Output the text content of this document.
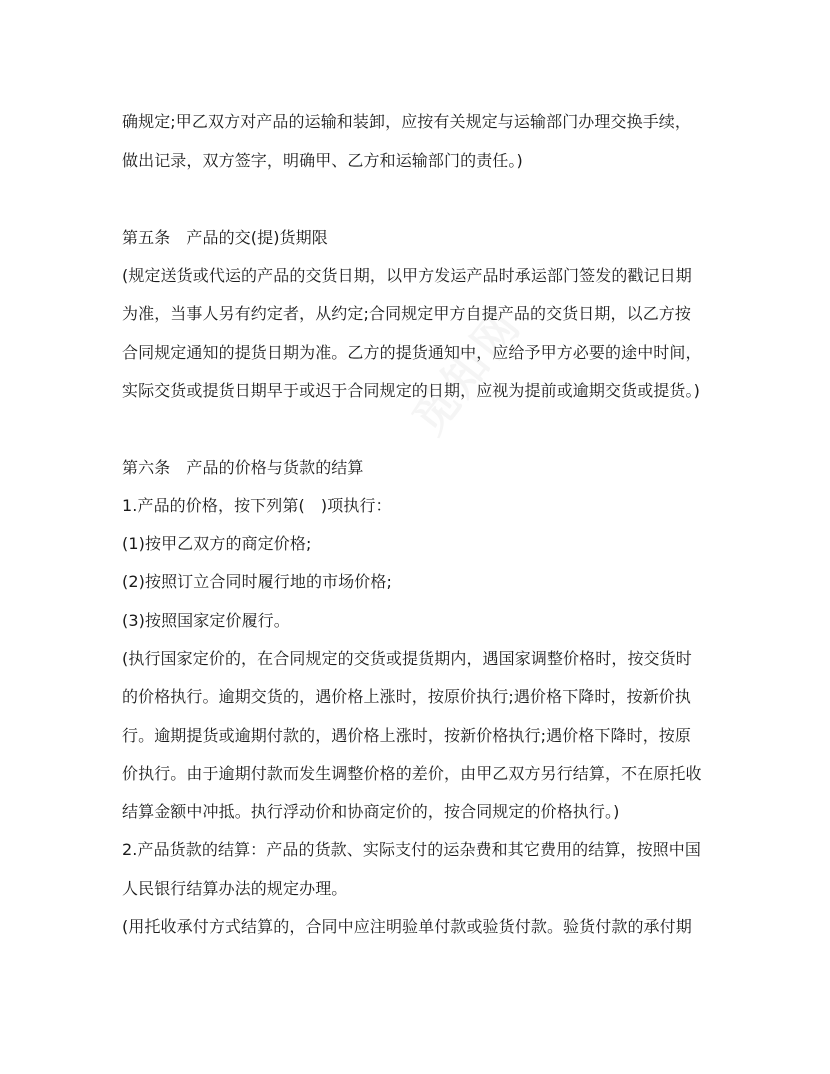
觅知网
确规定;甲乙双方对产品的运输和装卸，应按有关规定与运输部门办理交换手续，
做出记录，双方签字，明确甲、乙方和运输部门的责任。)
第五条　产品的交(提)货期限
(规定送货或代运的产品的交货日期，以甲方发运产品时承运部门签发的戳记日期
为准，当事人另有约定者，从约定;合同规定甲方自提产品的交货日期，以乙方按
合同规定通知的提货日期为准。乙方的提货通知中，应给予甲方必要的途中时间，
实际交货或提货日期早于或迟于合同规定的日期，应视为提前或逾期交货或提货。)
第六条　产品的价格与货款的结算
1.产品的价格，按下列第(　)项执行：
(1)按甲乙双方的商定价格;
(2)按照订立合同时履行地的市场价格;
(3)按照国家定价履行。
(执行国家定价的，在合同规定的交货或提货期内，遇国家调整价格时，按交货时
的价格执行。逾期交货的，遇价格上涨时，按原价执行;遇价格下降时，按新价执
行。逾期提货或逾期付款的，遇价格上涨时，按新价格执行;遇价格下降时，按原
价执行。由于逾期付款而发生调整价格的差价，由甲乙双方另行结算，不在原托收
结算金额中冲抵。执行浮动价和协商定价的，按合同规定的价格执行。)
2.产品货款的结算：产品的货款、实际支付的运杂费和其它费用的结算，按照中国
人民银行结算办法的规定办理。
(用托收承付方式结算的，合同中应注明验单付款或验货付款。验货付款的承付期
